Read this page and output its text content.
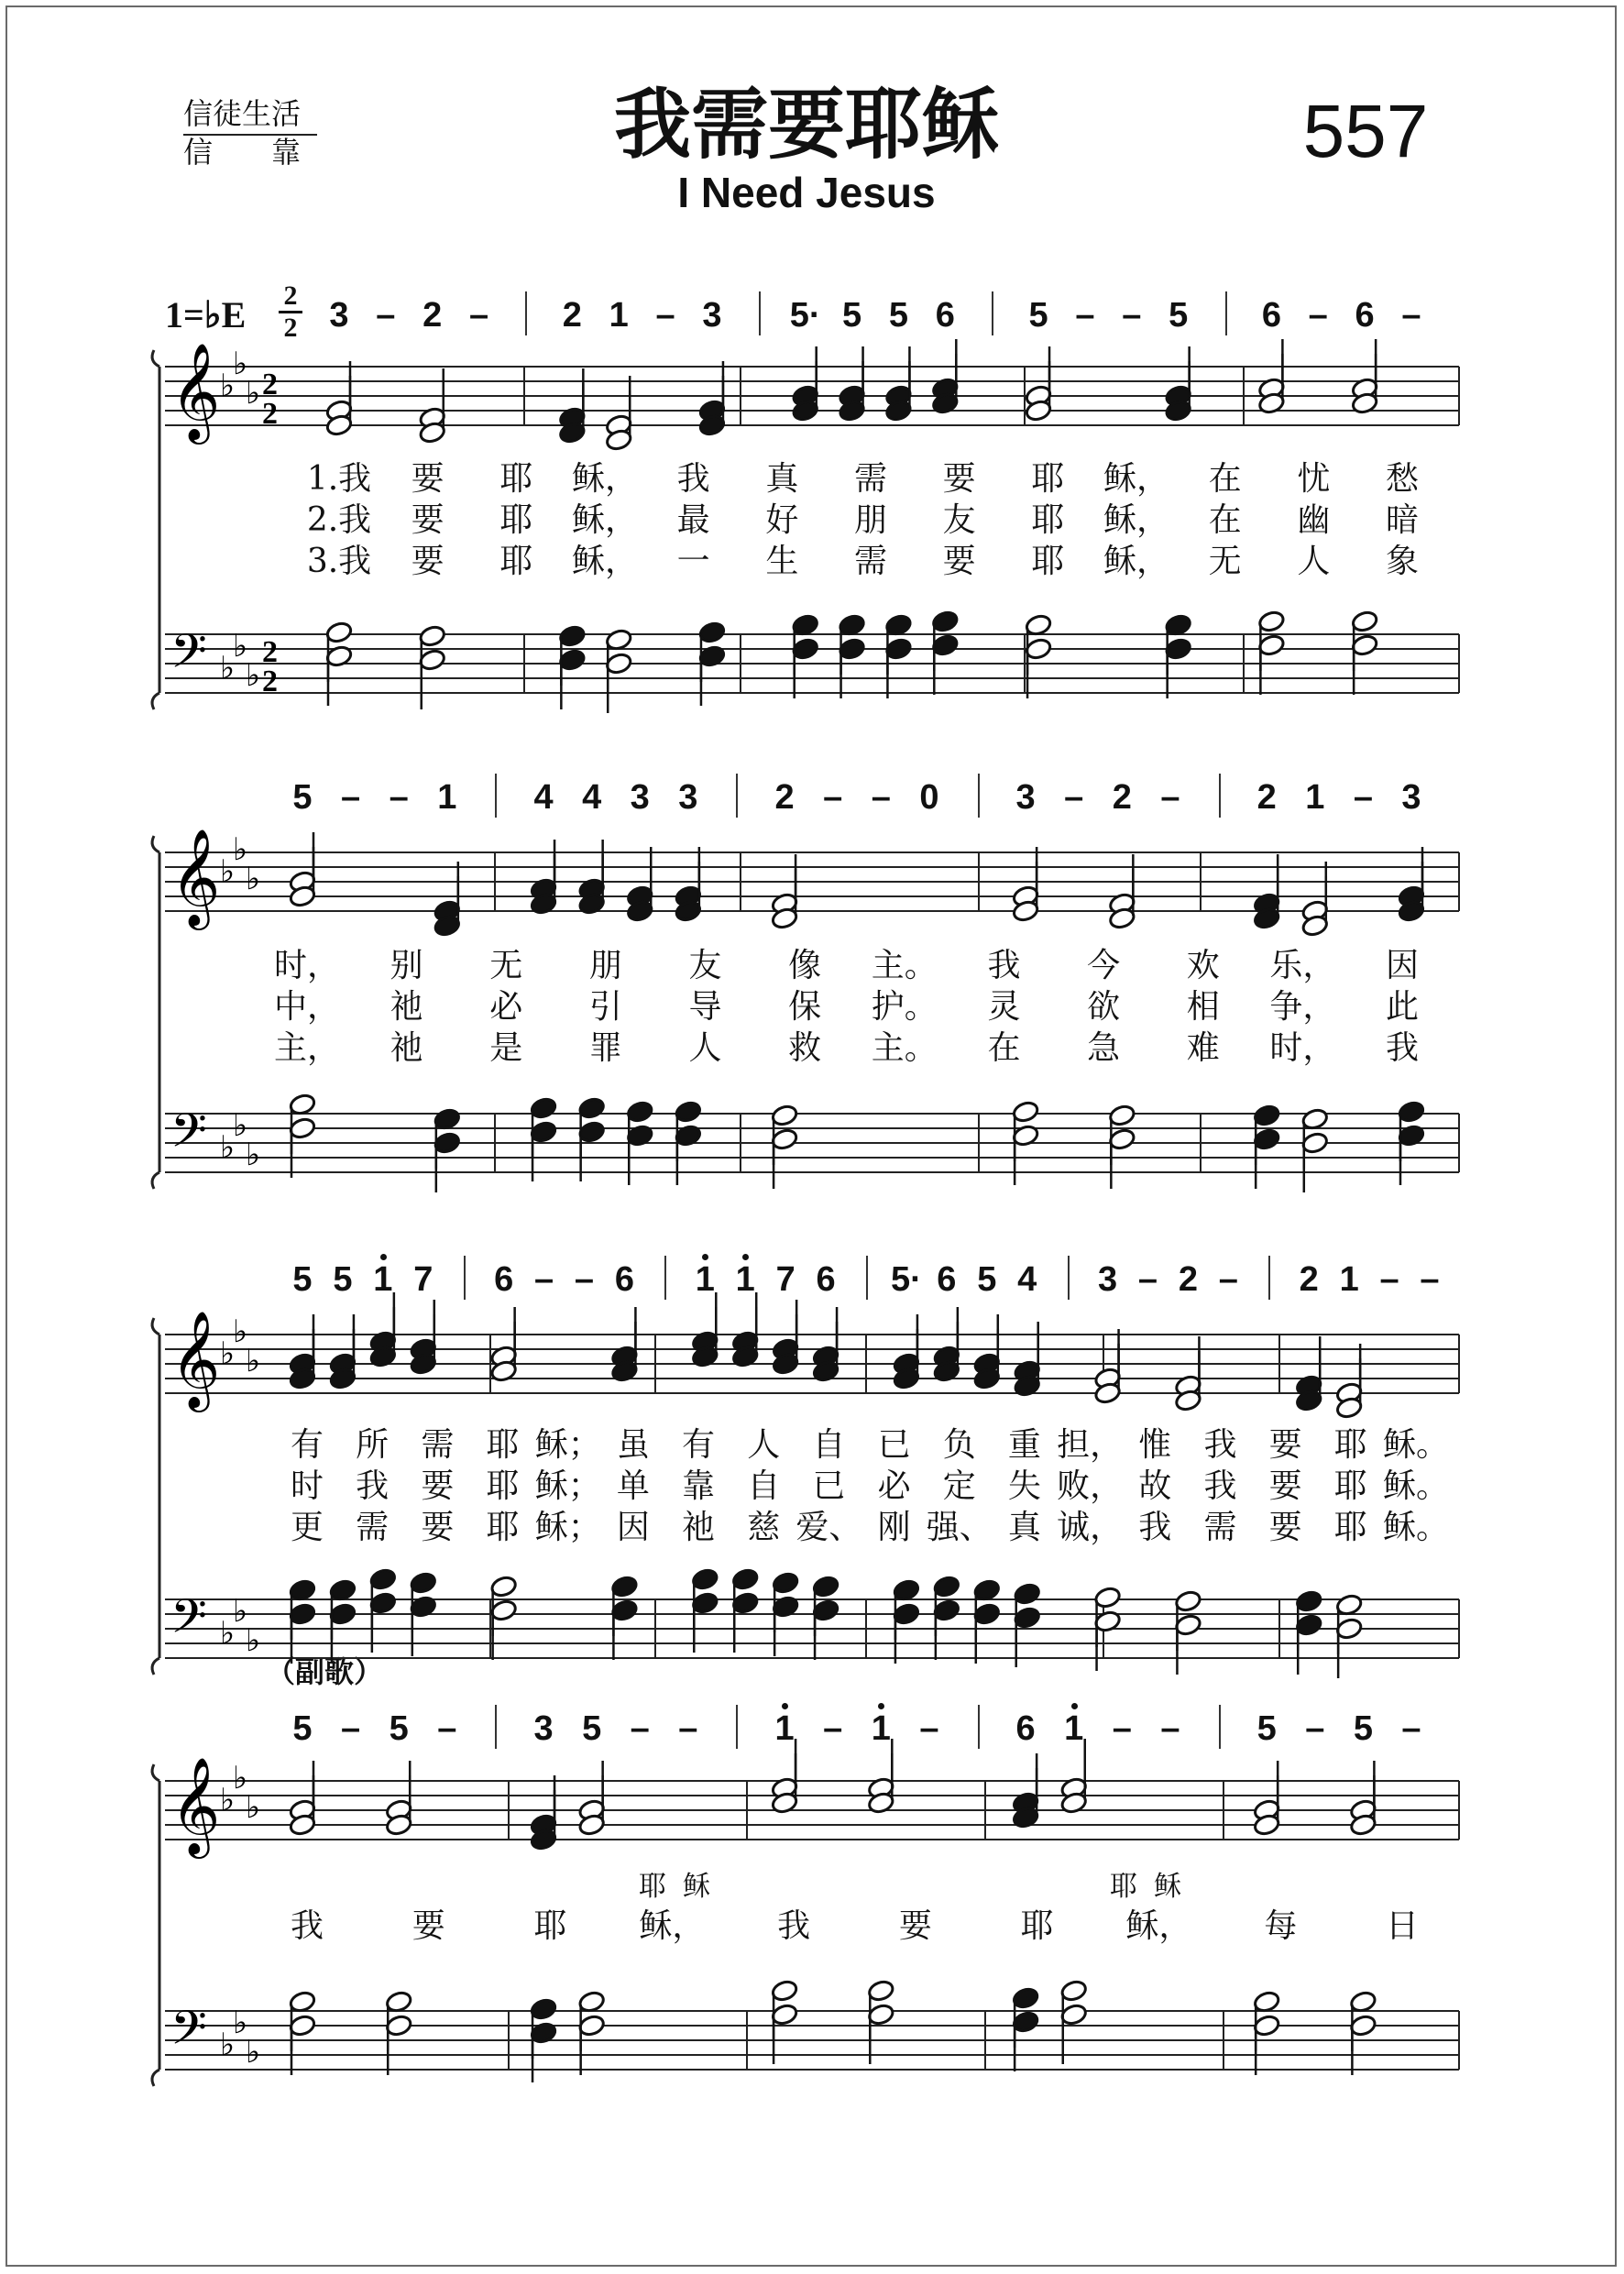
信徒生活
信　　靠	我需要耶稣
I Need Jesus
557
1=♭E 2
2
（副歌）
3 – 2 – 2 1 – 3 5· 5 5 6 5 – – 5 6 – 6 –
5 – – 1 4 4 3 3 2 – – 0 3 – 2 – 2 1 – 3
5 5 1 7 6 – – 6 1 1 7 6 5· 6 5 4 3 – 2 – 2 1 – –
5 – 5 – 3 5 – – 1 – 1 – 6 1 – – 5 – 5 –
1.我 要 耶 稣， 我 真 需 要 耶 稣， 在 忧 愁
2.我 要 耶 稣， 最 好 朋 友 耶 稣， 在 幽 暗
3.我 要 耶 稣， 一 生 需 要 耶 稣， 无 人 象
时， 别 无 朋 友 像 主。 我 今 欢 乐， 因
中， 祂 必 引 导 保 护。 灵 欲 相 争， 此
主， 祂 是 罪 人 救 主。 在 急 难 时， 我
有 所 需 耶 稣； 虽 有 人 自 已 负 重 担， 惟 我 要 耶 稣。
时 我 要 耶 稣； 单 靠 自 已 必 定 失 败， 故 我 要 耶 稣。
更 需 要 耶 稣； 因 祂 慈 爱、 刚 强、 真 诚， 我 需 要 耶 稣。
我	要	耶 稣， 我	要	耶 稣， 每	日
耶 稣	耶 稣
𝄞 ♭
♭
♭ 2
2
𝄢 ♭
♭
♭
2
2
𝄞 ♭
♭
♭
𝄢 ♭
♭
♭
𝄞 ♭
♭
♭
𝄢 ♭
♭
♭
𝄞 ♭
♭
♭
𝄢 ♭
♭
♭
